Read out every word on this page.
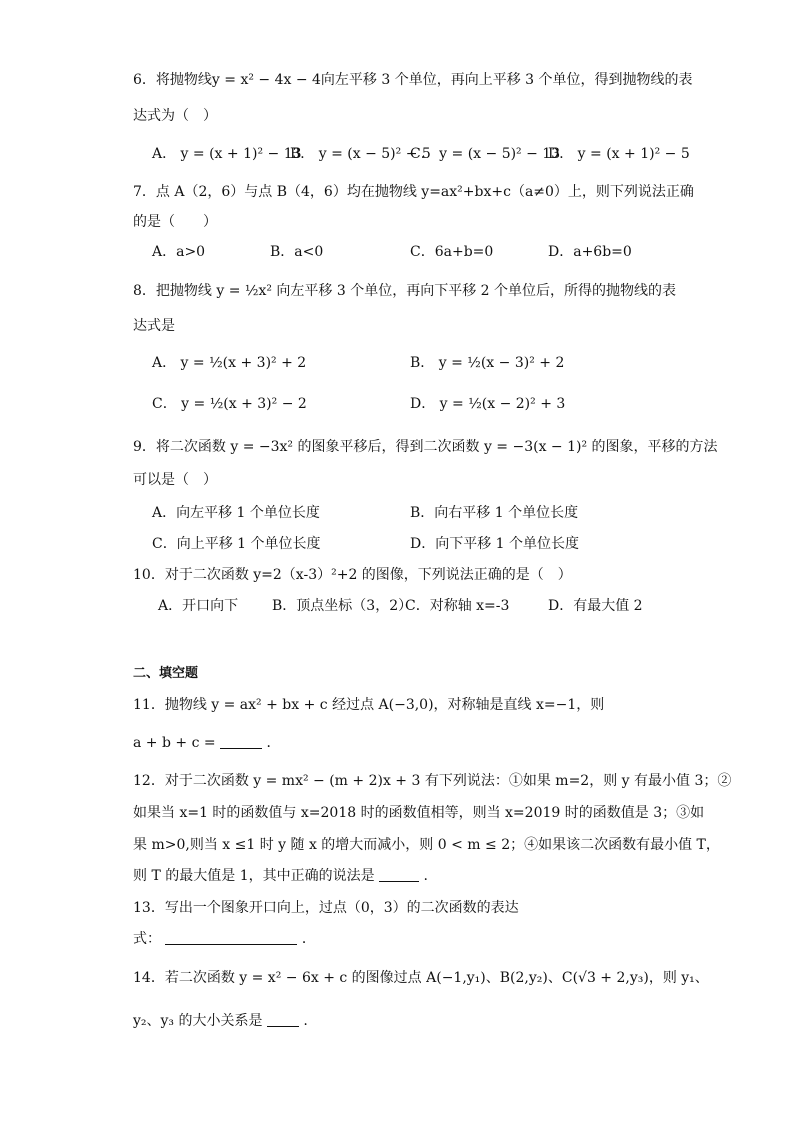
6．将抛物线y = x² − 4x − 4向左平移 3 个单位，再向上平移 3 个单位，得到抛物线的表
达式为（　）
A． y = (x + 1)² − 13
B． y = (x − 5)² − 5
C． y = (x − 5)² − 13
D． y = (x + 1)² − 5
7．点 A（2，6）与点 B（4，6）均在抛物线 y=ax²+bx+c（a≠0）上，则下列说法正确
的是（　　）
A．a>0	B．a<0	C．6a+b=0	D．a+6b=0
8．把抛物线 y = ½x² 向左平移 3 个单位，再向下平移 2 个单位后，所得的抛物线的表
达式是
A． y = ½(x + 3)² + 2	B． y = ½(x − 3)² + 2
C． y = ½(x + 3)² − 2	D． y = ½(x − 2)² + 3
9．将二次函数 y = −3x² 的图象平移后，得到二次函数 y = −3(x − 1)² 的图象，平移的方法
可以是（　）
A．向左平移 1 个单位长度	B．向右平移 1 个单位长度
C．向上平移 1 个单位长度	D．向下平移 1 个单位长度
10．对于二次函数 y=2（x-3）²+2 的图像，下列说法正确的是（　）
A．开口向下 B．顶点坐标（3，2）
C．对称轴 x=-3	D．有最大值 2
二、填空题
11．抛物线 y = ax² + bx + c 经过点 A(−3,0)，对称轴是直线 x=−1，则
a + b + c =	．
12．对于二次函数 y = mx² − (m + 2)x + 3 有下列说法：①如果 m=2，则 y 有最小值 3；②
如果当 x=1 时的函数值与 x=2018 时的函数值相等，则当 x=2019 时的函数值是 3；③如
果 m>0,则当 x ≤1 时 y 随 x 的增大而减小，则 0 < m ≤ 2；④如果该二次函数有最小值 T，
则 T 的最大值是 1，其中正确的说法是	.
13．写出一个图象开口向上，过点（0，3）的二次函数的表达
式：	．
14．若二次函数 y = x² − 6x + c 的图像过点 A(−1,y₁)、B(2,y₂)、C(√3 + 2,y₃)，则 y₁、
y₂、y₃ 的大小关系是	.
